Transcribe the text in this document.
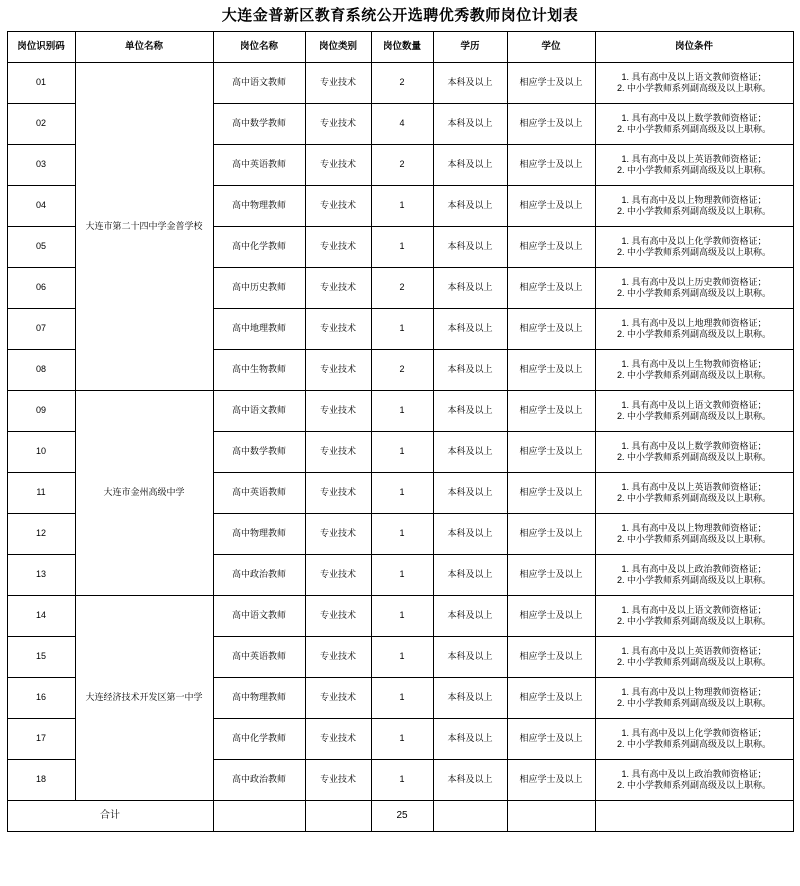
大连金普新区教育系统公开选聘优秀教师岗位计划表
岗位识别码	单位名称	岗位名称	岗位类别	岗位数量	学历	学位	岗位条件
01	大连市第二十四中学金普学校	高中语文教师	专业技术	2	本科及以上	相应学士及以上	1. 具有高中及以上语文教师资格证；
2. 中小学教师系列副高级及以上职称。

02		高中数学教师	专业技术	4	本科及以上	相应学士及以上	1. 具有高中及以上数学教师资格证；
2. 中小学教师系列副高级及以上职称。

03		高中英语教师	专业技术	2	本科及以上	相应学士及以上	1. 具有高中及以上英语教师资格证；
2. 中小学教师系列副高级及以上职称。

04		高中物理教师	专业技术	1	本科及以上	相应学士及以上	1. 具有高中及以上物理教师资格证；
2. 中小学教师系列副高级及以上职称。

05		高中化学教师	专业技术	1	本科及以上	相应学士及以上	1. 具有高中及以上化学教师资格证；
2. 中小学教师系列副高级及以上职称。

06		高中历史教师	专业技术	2	本科及以上	相应学士及以上	1. 具有高中及以上历史教师资格证；
2. 中小学教师系列副高级及以上职称。

07		高中地理教师	专业技术	1	本科及以上	相应学士及以上	1. 具有高中及以上地理教师资格证；
2. 中小学教师系列副高级及以上职称。

08		高中生物教师	专业技术	2	本科及以上	相应学士及以上	1. 具有高中及以上生物教师资格证；
2. 中小学教师系列副高级及以上职称。

09	大连市金州高级中学	高中语文教师	专业技术	1	本科及以上	相应学士及以上	1. 具有高中及以上语文教师资格证；
2. 中小学教师系列副高级及以上职称。

10		高中数学教师	专业技术	1	本科及以上	相应学士及以上	1. 具有高中及以上数学教师资格证；
2. 中小学教师系列副高级及以上职称。

11		高中英语教师	专业技术	1	本科及以上	相应学士及以上	1. 具有高中及以上英语教师资格证；
2. 中小学教师系列副高级及以上职称。

12		高中物理教师	专业技术	1	本科及以上	相应学士及以上	1. 具有高中及以上物理教师资格证；
2. 中小学教师系列副高级及以上职称。

13		高中政治教师	专业技术	1	本科及以上	相应学士及以上	1. 具有高中及以上政治教师资格证；
2. 中小学教师系列副高级及以上职称。

14	大连经济技术开发区第一中学	高中语文教师	专业技术	1	本科及以上	相应学士及以上	1. 具有高中及以上语文教师资格证；
2. 中小学教师系列副高级及以上职称。

15		高中英语教师	专业技术	1	本科及以上	相应学士及以上	1. 具有高中及以上英语教师资格证；
2. 中小学教师系列副高级及以上职称。

16		高中物理教师	专业技术	1	本科及以上	相应学士及以上	1. 具有高中及以上物理教师资格证；
2. 中小学教师系列副高级及以上职称。

17		高中化学教师	专业技术	1	本科及以上	相应学士及以上	1. 具有高中及以上化学教师资格证；
2. 中小学教师系列副高级及以上职称。

18		高中政治教师	专业技术	1	本科及以上	相应学士及以上	1. 具有高中及以上政治教师资格证；
2. 中小学教师系列副高级及以上职称。

合计				25			
